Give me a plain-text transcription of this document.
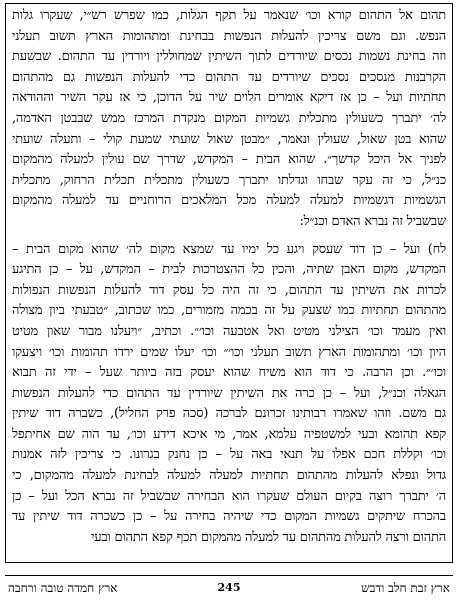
תהום אל התהום קורא וכו׳ שנאמר על תקף הגלות, כמו שפרש רש״י, שעקרו גלות
הנפש. וגם משם צריכין להעלות הנפשות בבחינת ומתהומות הארץ תשוב תעלני
וזה בחינת נשמות נכסים שיורדים לתוך השיתין שמחוללין ויורדין עד התהום. שבשעת
הקרבנות מנסכים נסכים שיורדים עד התהום כדי להעלות הנפשות גם מהתהום
תחתיות ועל – כן אז דיקא אומרים הלוים שיר על הדוכן, כי אז עקר השיר וההודאה
לה׳ יתברך כשעולין מתכלית גשמיות המקום מנקדת המרכז ממש שבבטן האדמה,
שהוא בטן שאול, שעולין ונאמר, ״מבטן שאול שועתי שמעת קולי – ותעלה שועתי
לפניך אל היכל קדשך״. שהוא הבית – המקדש, שדרך שם עולין למעלה מהמקום
כנ״ל, כי זה עקר שבחו וגדלתו יתברך כשעולין מתכלית תכלית הרחוק, מתכלית
הגשמיות דגשמיות למעלה למעלה מכל המלאכים הרוחניים עד למעלה מהמקום
שבשביל זה נברא האדם וכנ״ל:
לח) ועל – כן דוד שעסק ויגע כל ימיו עד שמצא מקום לה׳ שהוא מקום הבית –
המקדש, מקום האבן שתיה, והכין כל ההצטרכות לבית – המקדש, על – כן התיגע
לכרות את השיתין עד התהום, כי זה היה כל עסק דוד להעלות הנפשות הנפולות
מהתהום תחתיות כמו שצעק על זה בכמה מזמורים, כמו שכתוב, ״טבעתי ביון מצולה
ואין מעמד וכו׳ הצילני מטיט ואל אטבעה וכו׳״. וכתיב, ״ויעלנו מבור שאון מטיט
היון וכו׳ ומתהומות הארץ תשוב תעלני וכו׳״ וכו׳ יעלו שמים ירדו תהומות וכו׳ ויצעקו
וכו׳״. וכן הרבה. כי דוד הוא משיח שהוא יעסק בזה ביותר שעל – ידי זה תבוא
הגאלה וכנ״ל, ועל – כן כרה את השיתין שיורדין עד התהום כדי להעלות הנפשות
גם משם. וזהו שאמרו רבותינו זכרונם לברכה (סכה פרק החליל), כשברה דוד שיתין
קפא תהומא ובעי למשטפיה עלמא, אמר, מי איכא דידע וכו׳, עד הוה שם אחיתפל
וכו׳ וקללת חכם אפלו על תנאי באה על – כן נחנק בגרונו. כי צריכין לזה אמנות
גדול ונפלא להעלות מהתהום תחתיות למעלה למעלה לבחינת למעלה מהמקום, כי
ה׳ יתברך רוצה בקיום העולם שעקרו הוא הבחירה שבשביל זה נברא הכל ועל – כן
בהכרח שיתקים גשמיות המקום כדי שיהיה בחירה על – כן כשכרה דוד שיתין עד
התהום ורצה להעלות מהתהום עד למעלה מהמקום תכף קפא התהום ובעי
ארץ זבת חלב ודבש
245
ארץ חמדה טובה ורחבה
